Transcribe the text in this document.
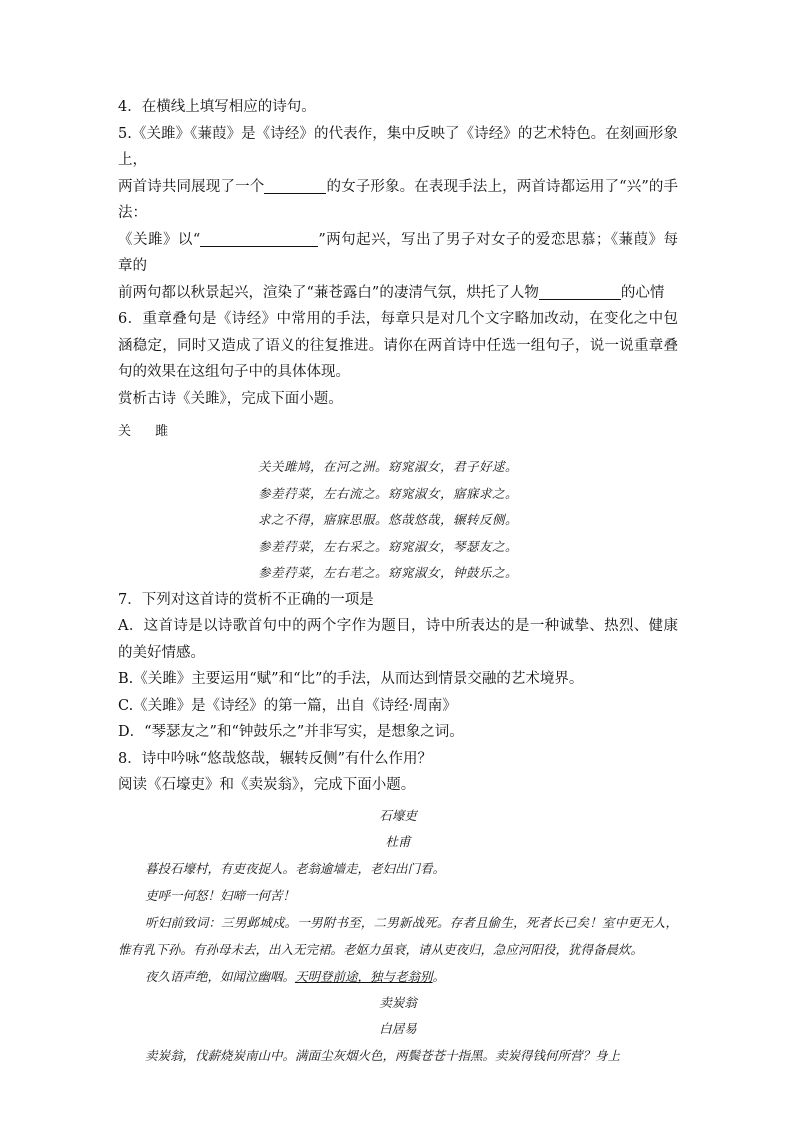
4．在横线上填写相应的诗句。

5.《关雎》《蒹葭》是《诗经》的代表作，集中反映了《诗经》的艺术特色。在刻画形象上，

两首诗共同展现了一个	的女子形象。在表现手法上，两首诗都运用了“兴”的手法：

《关雎》以“	”两句起兴，写出了男子对女子的爱恋思慕；《蒹葭》每章的

前两句都以秋景起兴，渲染了“蒹苍露白”的凄清气氛，烘托了人物	的心情

6．重章叠句是《诗经》中常用的手法，每章只是对几个文字略加改动，在变化之中包涵稳定，同时又造成了语义的往复推进。请你在两首诗中任选一组句子，说一说重章叠句的效果在这组句子中的具体体现。

赏析古诗《关雎》，完成下面小题。

关 雎

关关雎鸠，在河之洲。窈窕淑女，君子好逑。

参差荇菜，左右流之。窈窕淑女，寤寐求之。

求之不得，寤寐思服。悠哉悠哉，辗转反侧。

参差荇菜，左右采之。窈窕淑女，琴瑟友之。

参差荇菜，左右芼之。窈窕淑女，钟鼓乐之。

7．下列对这首诗的赏析不正确的一项是

A．这首诗是以诗歌首句中的两个字作为题目，诗中所表达的是一种诚挚、热烈、健康的美好情感。

B.《关雎》主要运用“赋”和“比”的手法，从而达到情景交融的艺术境界。

C.《关雎》是《诗经》的第一篇，出自《诗经·周南》

D．“琴瑟友之”和“钟鼓乐之”并非写实，是想象之词。

8．诗中吟咏“悠哉悠哉，辗转反侧”有什么作用？

阅读《石壕吏》和《卖炭翁》，完成下面小题。

石壕吏

杜甫

暮投石壕村，有吏夜捉人。老翁逾墙走，老妇出门看。

吏呼一何怒！妇啼一何苦！

听妇前致词：三男邺城戍。一男附书至，二男新战死。存者且偷生，死者长已矣！室中更无人，惟有乳下孙。有孙母未去，出入无完裙。老妪力虽衰，请从吏夜归，急应河阳役，犹得备晨炊。

夜久语声绝，如闻泣幽咽。天明登前途，独与老翁别。

卖炭翁

白居易

卖炭翁，伐薪烧炭南山中。满面尘灰烟火色，两鬓苍苍十指黑。卖炭得钱何所营？身上
